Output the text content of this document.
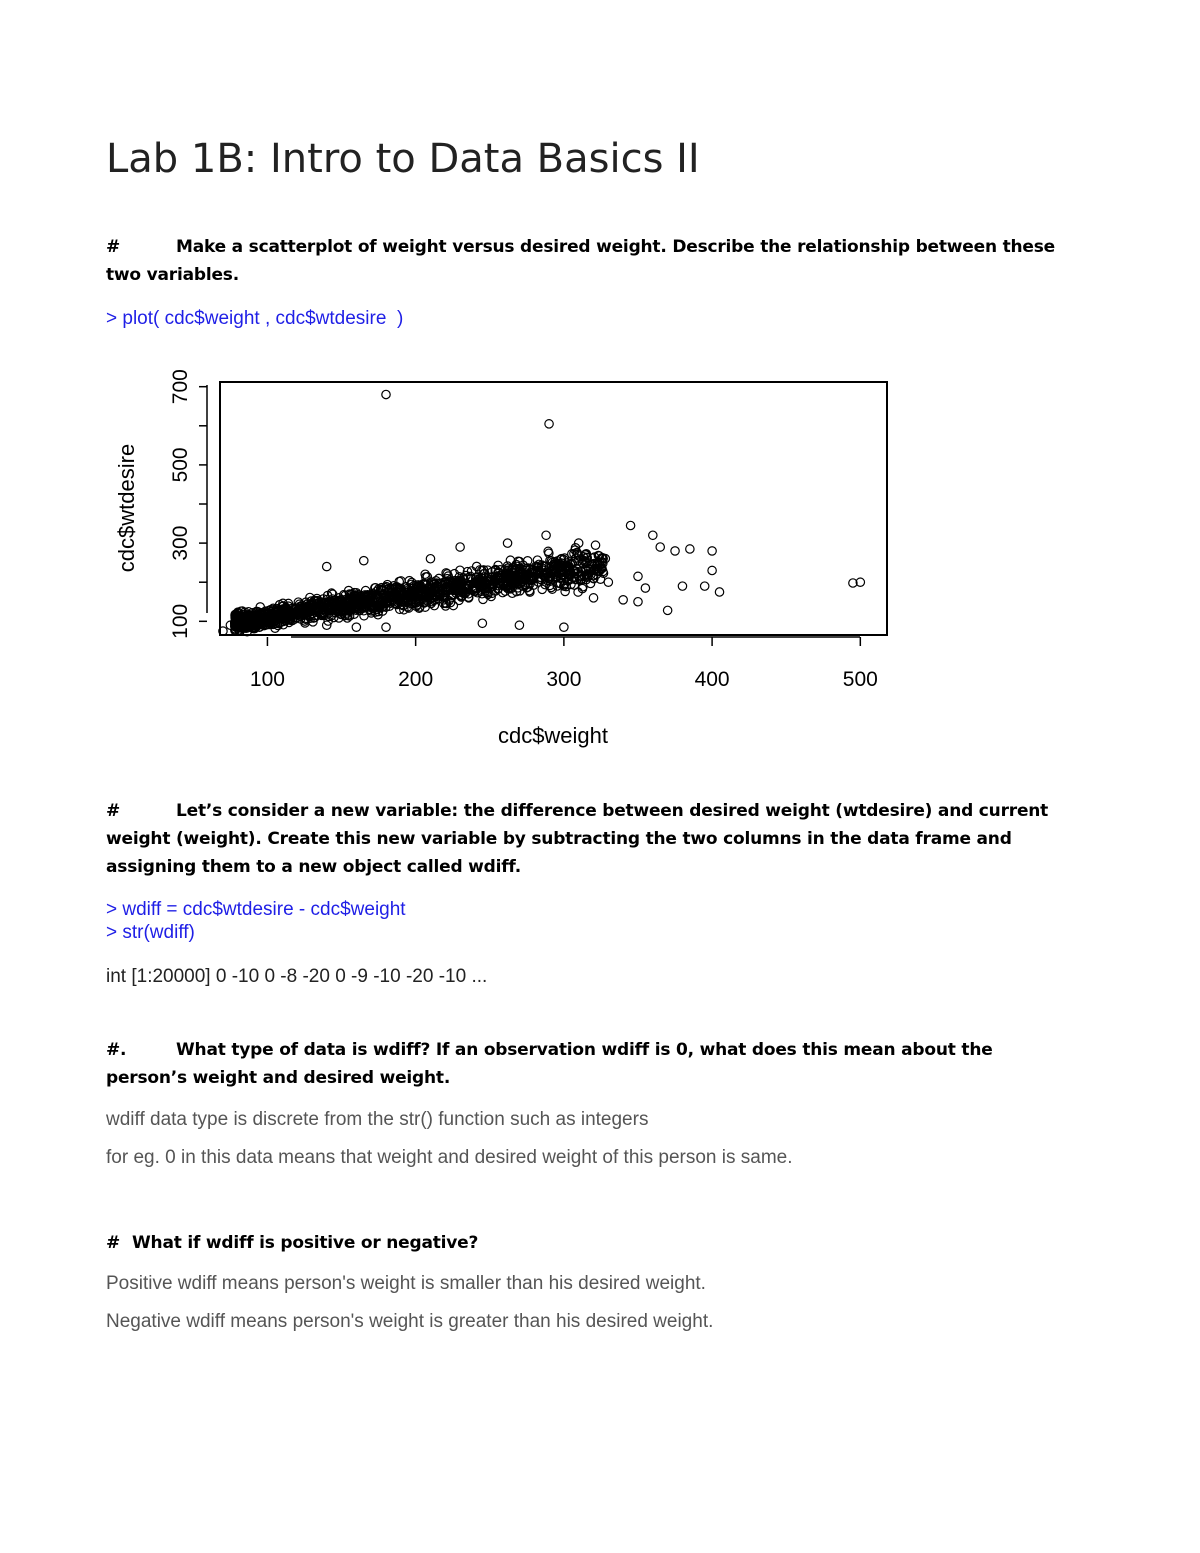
Lab 1B: Intro to Data Basics II
#	Make a scatterplot of weight versus desired weight. Describe the relationship between these two variables.
> plot( cdc$weight , cdc$wtdesire  )
100	200	300	400	500
100
300
500
700
cdc$weight
cdc$wtdesire
#	Let’s consider a new variable: the difference between desired weight (wtdesire) and current weight (weight). Create this new variable by subtracting the two columns in the data frame and assigning them to a new object called wdiff.
> wdiff = cdc$wtdesire - cdc$weight
> str(wdiff)
int [1:20000] 0 -10 0 -8 -20 0 -9 -10 -20 -10 ...
#.	What type of data is wdiff? If an observation wdiff is 0, what does this mean about the person’s weight and desired weight.
wdiff data type is discrete from the str() function such as integers
for eg. 0 in this data means that weight and desired weight of this person is same.
# What if wdiff is positive or negative?
Positive wdiff means person's weight is smaller than his desired weight.
Negative wdiff means person's weight is greater than his desired weight.
